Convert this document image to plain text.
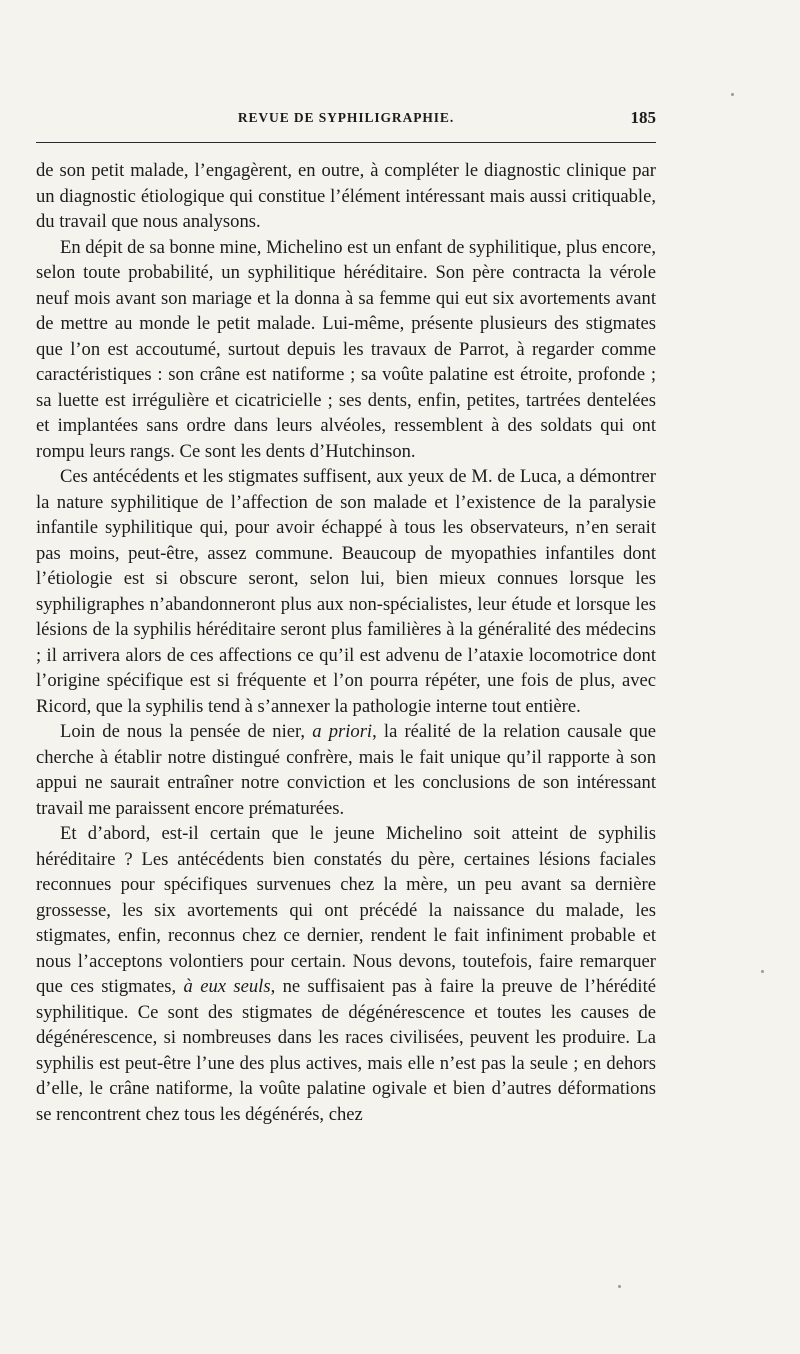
REVUE DE SYPHILIGRAPHIE.	185

de son petit malade, l’engagèrent, en outre, à compléter le diagnostic clinique par un diagnostic étiologique qui constitue l’élément intéressant mais aussi critiquable, du travail que nous analysons.

En dépit de sa bonne mine, Michelino est un enfant de syphilitique, plus encore, selon toute probabilité, un syphilitique héréditaire. Son père contracta la vérole neuf mois avant son mariage et la donna à sa femme qui eut six avortements avant de mettre au monde le petit malade. Lui-même, présente plusieurs des stigmates que l’on est accoutumé, surtout depuis les travaux de Parrot, à regarder comme caractéristiques : son crâne est natiforme ; sa voûte palatine est étroite, profonde ; sa luette est irrégulière et cicatricielle ; ses dents, enfin, petites, tartrées dentelées et implantées sans ordre dans leurs alvéoles, ressemblent à des soldats qui ont rompu leurs rangs. Ce sont les dents d’Hutchinson.

Ces antécédents et les stigmates suffisent, aux yeux de M. de Luca, a démontrer la nature syphilitique de l’affection de son malade et l’existence de la paralysie infantile syphilitique qui, pour avoir échappé à tous les observateurs, n’en serait pas moins, peut-être, assez commune. Beaucoup de myopathies infantiles dont l’étiologie est si obscure seront, selon lui, bien mieux connues lorsque les syphiligraphes n’abandonneront plus aux non-spécialistes, leur étude et lorsque les lésions de la syphilis héréditaire seront plus familières à la généralité des médecins ; il arrivera alors de ces affections ce qu’il est advenu de l’ataxie locomotrice dont l’origine spécifique est si fréquente et l’on pourra répéter, une fois de plus, avec Ricord, que la syphilis tend à s’annexer la pathologie interne tout entière.

Loin de nous la pensée de nier, a priori, la réalité de la relation causale que cherche à établir notre distingué confrère, mais le fait unique qu’il rapporte à son appui ne saurait entraîner notre conviction et les conclusions de son intéressant travail me paraissent encore prématurées.

Et d’abord, est-il certain que le jeune Michelino soit atteint de syphilis héréditaire ? Les antécédents bien constatés du père, certaines lésions faciales reconnues pour spécifiques survenues chez la mère, un peu avant sa dernière grossesse, les six avortements qui ont précédé la naissance du malade, les stigmates, enfin, reconnus chez ce dernier, rendent le fait infiniment probable et nous l’acceptons volontiers pour certain. Nous devons, toutefois, faire remarquer que ces stigmates, à eux seuls, ne suffisaient pas à faire la preuve de l’hérédité syphilitique. Ce sont des stigmates de dégénérescence et toutes les causes de dégénérescence, si nombreuses dans les races civilisées, peuvent les produire. La syphilis est peut-être l’une des plus actives, mais elle n’est pas la seule ; en dehors d’elle, le crâne natiforme, la voûte palatine ogivale et bien d’autres déformations se rencontrent chez tous les dégénérés, chez
